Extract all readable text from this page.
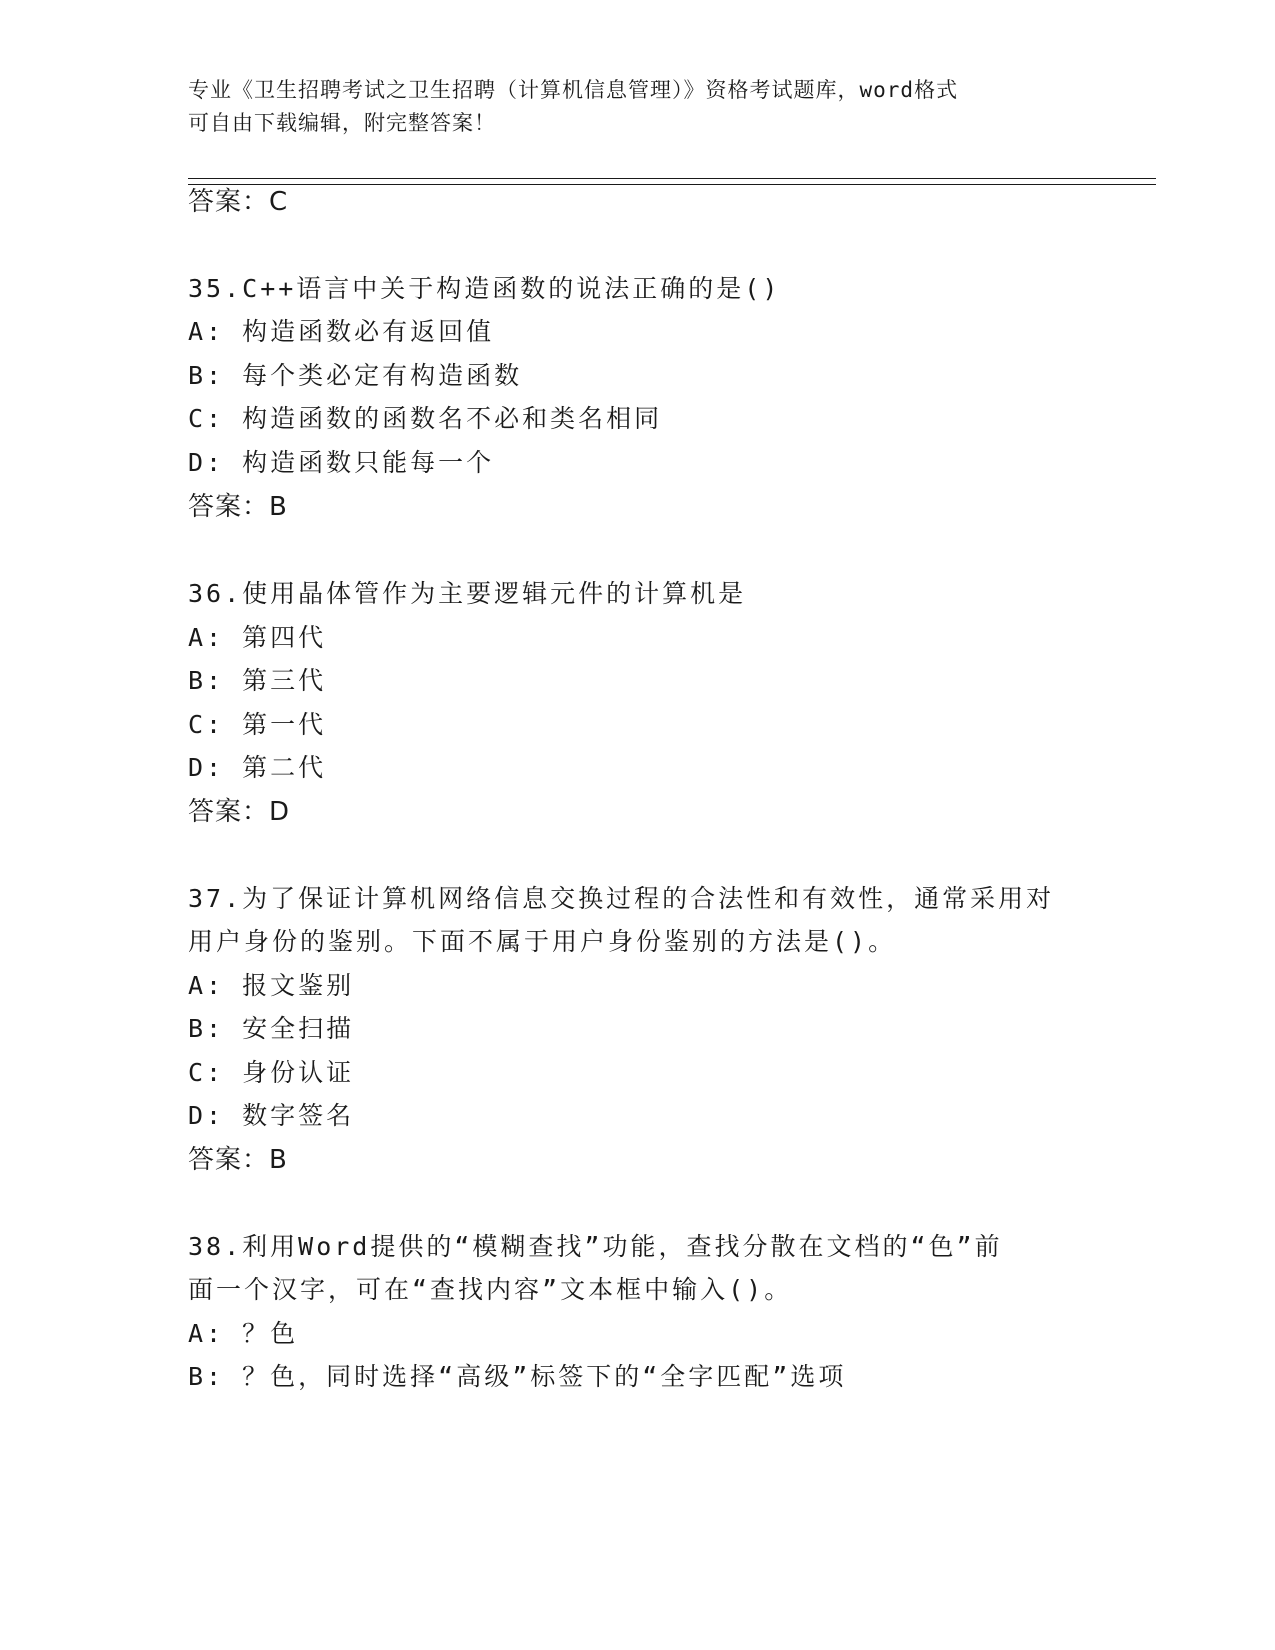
专业《卫生招聘考试之卫生招聘（计算机信息管理）》资格考试题库，word格式
可自由下载编辑，附完整答案！
答案：C
35.C++语言中关于构造函数的说法正确的是()
A: 构造函数必有返回值
B: 每个类必定有构造函数
C: 构造函数的函数名不必和类名相同
D: 构造函数只能每一个
答案：B
36.使用晶体管作为主要逻辑元件的计算机是
A: 第四代
B: 第三代
C: 第一代
D: 第二代
答案：D
37.为了保证计算机网络信息交换过程的合法性和有效性，通常采用对
用户身份的鉴别。下面不属于用户身份鉴别的方法是()。
A: 报文鉴别
B: 安全扫描
C: 身份认证
D: 数字签名
答案：B
38.利用Word提供的“模糊查找”功能，查找分散在文档的“色”前
面一个汉字，可在“查找内容”文本框中输入()。
A: ？色
B: ？色，同时选择“高级”标签下的“全字匹配”选项
